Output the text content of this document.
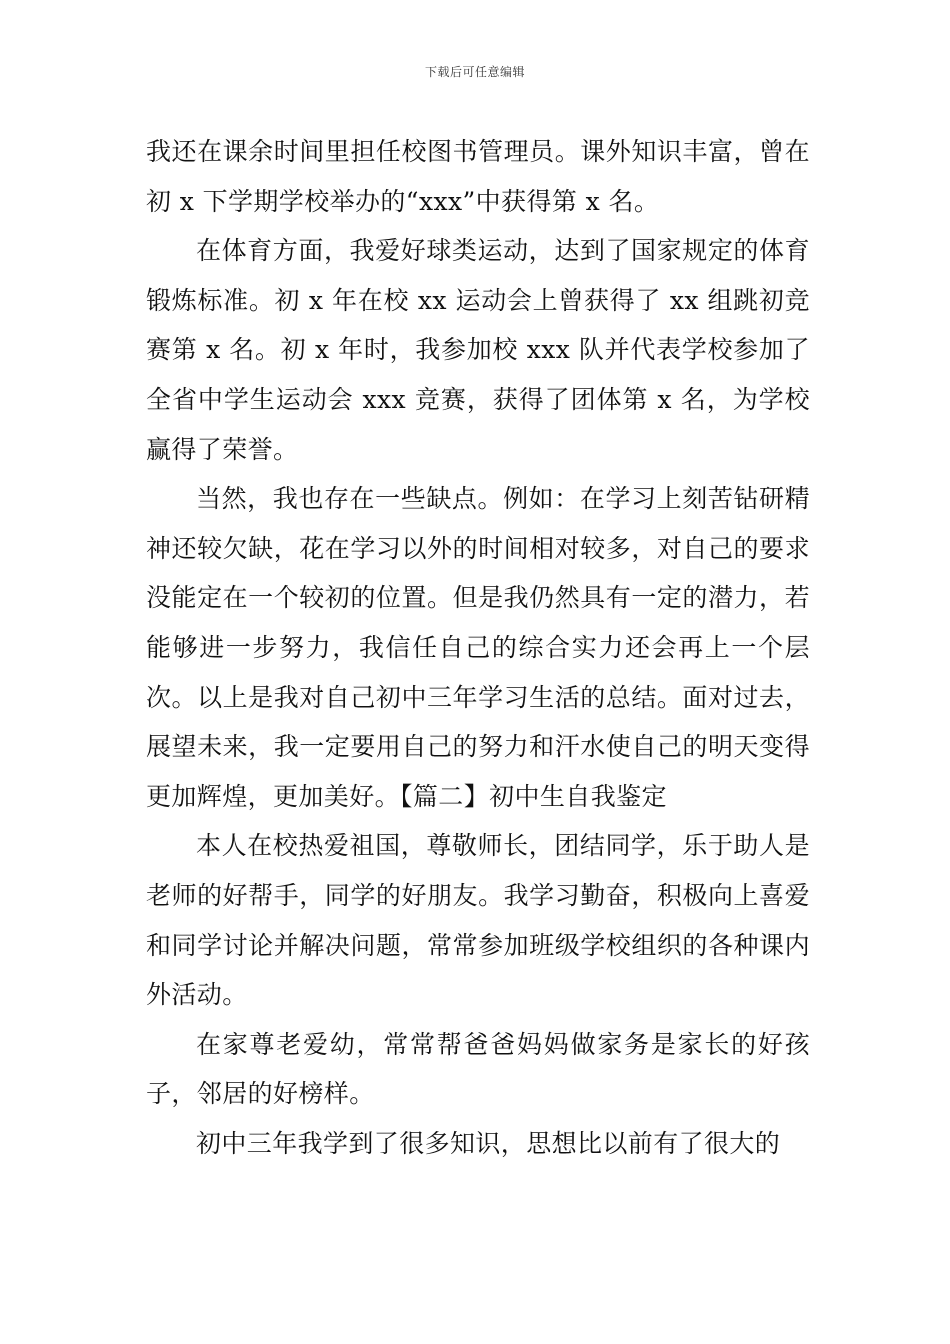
下载后可任意编辑

我还在课余时间里担任校图书管理员。课外知识丰富，曾在初 x 下学期学校举办的“xxx”中获得第 x 名。

在体育方面，我爱好球类运动，达到了国家规定的体育锻炼标准。初 x 年在校 xx 运动会上曾获得了 xx 组跳初竞赛第 x 名。初 x 年时，我参加校 xxx 队并代表学校参加了全省中学生运动会 xxx 竞赛，获得了团体第 x 名，为学校赢得了荣誉。

当然，我也存在一些缺点。例如：在学习上刻苦钻研精神还较欠缺，花在学习以外的时间相对较多，对自己的要求没能定在一个较初的位置。但是我仍然具有一定的潜力，若能够进一步努力，我信任自己的综合实力还会再上一个层次。以上是我对自己初中三年学习生活的总结。面对过去，展望未来，我一定要用自己的努力和汗水使自己的明天变得更加辉煌，更加美好。【篇二】初中生自我鉴定

本人在校热爱祖国，尊敬师长，团结同学，乐于助人是老师的好帮手，同学的好朋友。我学习勤奋，积极向上喜爱和同学讨论并解决问题，常常参加班级学校组织的各种课内外活动。

在家尊老爱幼，常常帮爸爸妈妈做家务是家长的好孩子，邻居的好榜样。

初中三年我学到了很多知识，思想比以前有了很大的
